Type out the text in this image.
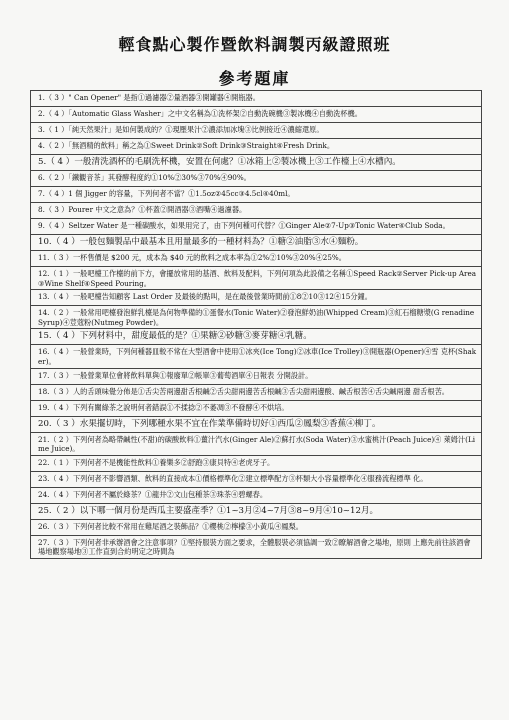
輕食點心製作暨飲料調製丙級證照班
參考題庫
1.（ 3 ）" Can Opener" 是指①過濾器②量酒器③開罐器④開瓶器。
2.（ 4 ）「Automatic Glass Washer」之中文名稱為①洗杯架②自動洗碗機③製冰機④自動洗杯機。
3.（ 1 ）「純天然果汁」是如何製成的？①現壓果汁②濃添加冰塊③比例接近④濃縮還原。
4.（ 2 ）「無酒精的飲料」稱之為①Sweet Drink②Soft Drink③Straight④Fresh Drink。
5.（ 4 ）一般清洗酒杯的毛刷洗杯機，安置在何處？①冰箱上②製冰機上③工作檯上④水槽內。
6.（ 2 ）「鐵觀音茶」其發酵程度約①10%②30%③70%④90%。
7.（ 4 ）1 個 Jigger 的容量，下列何者不當？①1.5oz②45cc③4.5cl④40ml。
8.（ 3 ）Pourer 中文之意為？①杯蓋②開酒器③酒嘴④過濾器。
9.（ 4 ）Seltzer Water 是一種碳酸水，如果用完了，由下列何種可代替？①Ginger Ale②7-Up③Tonic Water④Club Soda。
10.（ 4 ）一般包麵製品中最基本且用量最多的一種材料為？①糖②油脂③水④麵粉。
11.（ 3 ）一杯售價是 $200 元，成本為 $40 元的飲料之成本率為①2%②10%③20%④25%。
12.（ 1 ）一般吧檯工作檯的前下方，會擺放常用的基酒、飲料及配料，下列何項為此設備之名稱①Speed Rack②Server Pick-up Area③Wine Shelf④Speed Pouring。
13.（ 4 ）一般吧檯告知顧客 Last Order 及最後的點叫，是在最後營業時間前①8②10③12④15分鐘。
14.（ 2 ）一般常用吧檯發泡鮮乳檯是為何物準備的①蛋餐水(Tonic Water)②發泡鮮奶油(Whipped Cream)③紅石榴糖漿(G renadine Syrup)④荳蔻粉(Nutmeg Powder)。
15.（ 4 ）下列材料中，甜度最低的是？①果糖②砂糖③麥芽糖④乳糖。
16.（ 4 ）一般營業時，下列何種器皿較不常在大型酒會中使用①冰夾(Ice Tong)②冰車(Ice Trolley)③開瓶器(Opener)④雪 克杯(Shaker)。
17.（ 3 ）一般營業單位會將飲料單與①報廢單②帳單③葡萄酒單④日報表 分開設計。
18.（ 3 ）人的舌頭味覺分佈是①舌尖苦兩邊甜舌根鹹②舌尖甜兩邊苦舌根鹹③舌尖甜兩邊酸、鹹舌根苦④舌尖鹹兩邊 甜舌根苦。
19.（ 4 ）下列有關綠茶之說明何者錯誤①不揉捻②不萎凋③不發酵④不烘培。
20.（ 3 ）水果擺切時，下列哪種水果不宜在作業準備時切好①西瓜②鳳梨③香蕉④柳丁。
21.（ 2 ）下列何者為略帶鹹性(不甜)的碳酸飲料①薑汁汽水(Ginger Ale)②蘇打水(Soda Water)③水蜜桃汁(Peach Juice)④ 萊姆汁(Lime Juice)。
22.（ 1 ）下列何者不是機能性飲料①養樂多②舒跑③康貝特④老虎牙子。
23.（ 4 ）下列何者不影響酒類、飲料的直接成本①價格標準化②建立標準配方③杯類大小容量標準化④服務流程標準 化。
24.（ 4 ）下列何者不屬於綠茶？①龍井②文山包種茶③珠茶④碧螺春。
25.（ 2 ）以下哪一個月份是西瓜主要盛產季？①1~3月②4~7月③8~9月④10~12月。
26.（ 3 ）下列何者比較不常用在雞尾酒之裝飾品？①櫻桃②檸檬③小黃瓜④鳳梨。
27.（ 3 ）下列何者非承辦酒會之注意事項？①堅持服裝方面之要求，全體服裝必須協調一致②瞭解酒會之場地，原則 上應先前往該酒會場地觀察場地③工作直到合約明定之時間為
